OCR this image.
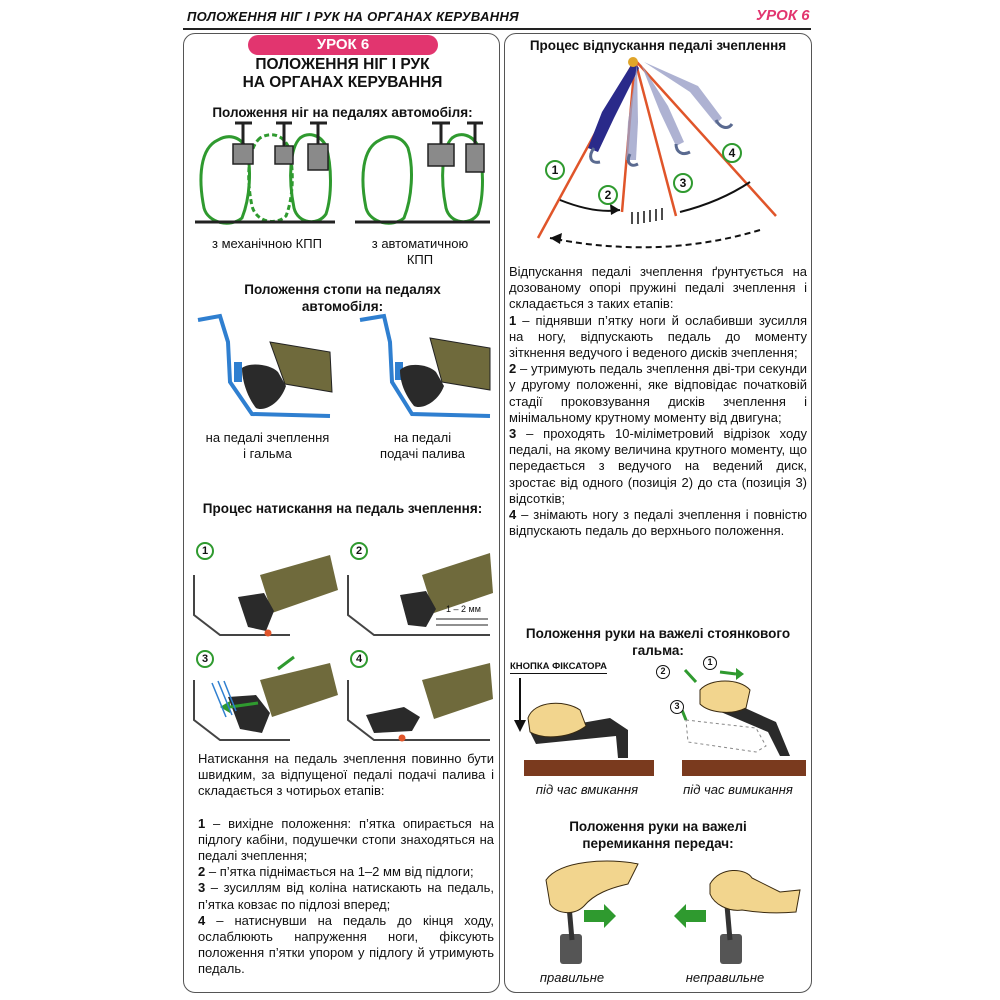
ПОЛОЖЕННЯ НІГ І РУК НА ОРГАНАХ КЕРУВАННЯ	УРОК 6
УРОК 6
ПОЛОЖЕННЯ НІГ І РУК
НА ОРГАНАХ КЕРУВАННЯ
Положення ніг на педалях автомобіля:
з механічною КПП	з автоматичною
КПП
Положення стопи на педалях
автомобіля:
на педалі зчеплення
і гальма
на педалі
подачі палива
Процес натискання на педаль зчеплення:
1	2
3	4
1 – 2 мм

Натискання на педаль зчеплення повинно бути швидким, за відпущеної педалі подачі палива і складається з чотирьох етапів:

1 – вихідне положення: п’ятка опирається на підлогу кабіни, подушечки стопи знаходяться на педалі зчеплення;

2 – п’ятка піднімається на 1–2 мм від підлоги;

3 – зусиллям від коліна натискають на педаль, п’ятка ковзає по підлозі вперед;

4 – натиснувши на педаль до кінця ходу, ослаблюють напруження ноги, фіксують положення п’ятки упором у підлогу й утримують педаль.

Процес відпускання педалі зчеплення
1
2
3
4

Відпускання педалі зчеплення ґрунтується на дозованому опорі пружині педалі зчеплення і складається з таких етапів:

1 – піднявши п’ятку ноги й ослабивши зусилля на ногу, відпускають педаль до моменту зіткнення ведучого і веденого дисків зчеплення;

2 – утримують педаль зчеплення дві-три секунди у другому положенні, яке відповідає початковій стадії проковзування дисків зчеплення і мінімальному крутному моменту від двигуна;

3 – проходять 10-міліметровий відрізок ходу педалі, на якому величина крутного моменту, що передається з ведучого на ведений диск, зростає від одного (позиція 2) до ста (позиція 3) відсотків;

4 – знімають ногу з педалі зчеплення і повністю відпускають педаль до верхнього положення.

Положення руки на важелі стоянкового
гальма:
КНОПКА ФІКСАТОРА	2
1
3
під час вмикання	під час вимикання
Положення руки на важелі
перемикання передач:
правильне	неправильне
